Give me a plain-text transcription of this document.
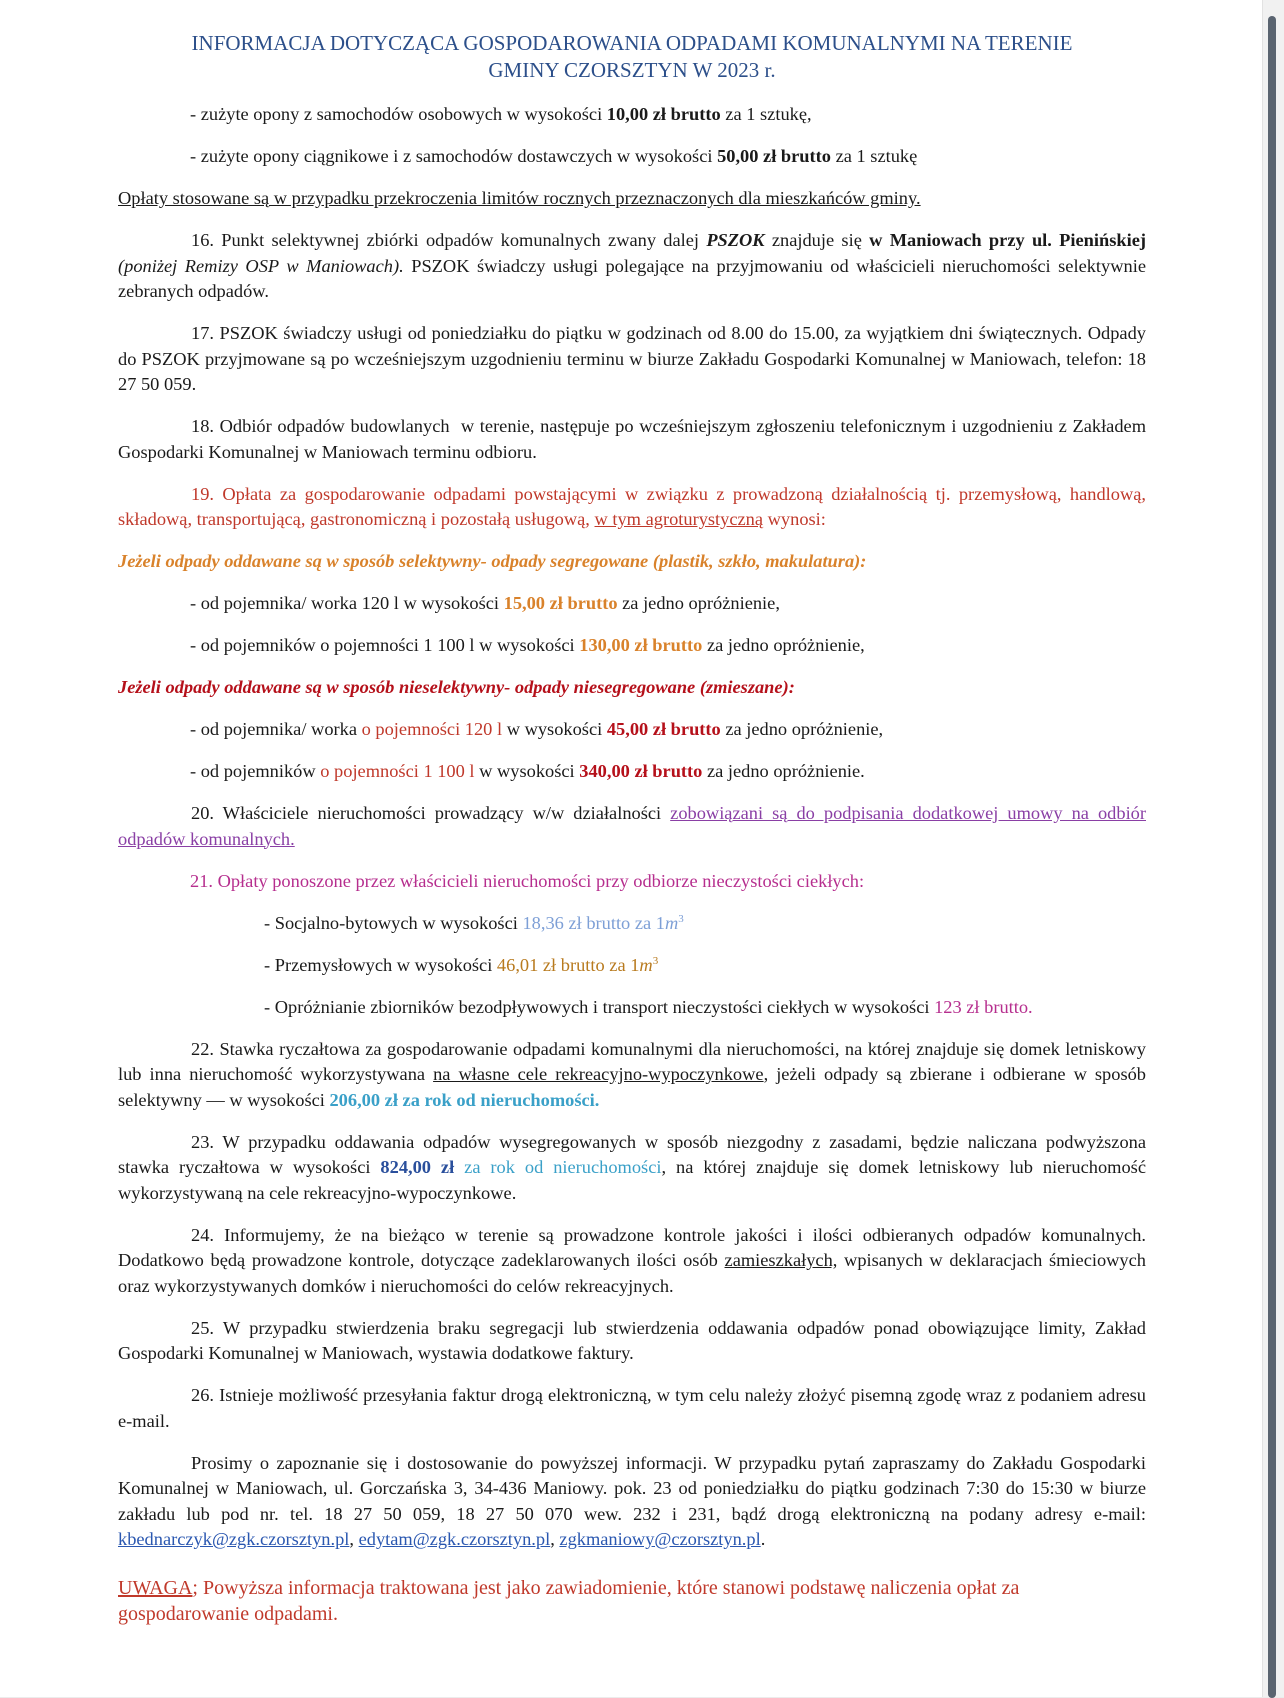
INFORMACJA DOTYCZĄCA GOSPODAROWANIA ODPADAMI KOMUNALNYMI NA TERENIE
GMINY CZORSZTYN W 2023 r.
- zużyte opony z samochodów osobowych w wysokości 10,00 zł brutto za 1 sztukę,
- zużyte opony ciągnikowe i z samochodów dostawczych w wysokości 50,00 zł brutto za 1 sztukę
Opłaty stosowane są w przypadku przekroczenia limitów rocznych przeznaczonych dla mieszkańców gminy.
16. Punkt selektywnej zbiórki odpadów komunalnych zwany dalej PSZOK znajduje się w Maniowach przy ul. Pienińskiej (poniżej Remizy OSP w Maniowach). PSZOK świadczy usługi polegające na przyjmowaniu od właścicieli nieruchomości selektywnie zebranych odpadów.
17. PSZOK świadczy usługi od poniedziałku do piątku w godzinach od 8.00 do 15.00, za wyjątkiem dni świątecznych. Odpady do PSZOK przyjmowane są po wcześniejszym uzgodnieniu terminu w biurze Zakładu Gospodarki Komunalnej w Maniowach, telefon: 18 27 50 059.
18. Odbiór odpadów budowlanych  w terenie, następuje po wcześniejszym zgłoszeniu telefonicznym i uzgodnieniu z Zakładem Gospodarki Komunalnej w Maniowach terminu odbioru.
19. Opłata za gospodarowanie odpadami powstającymi w związku z prowadzoną działalnością tj. przemysłową, handlową, składową, transportującą, gastronomiczną i pozostałą usługową, w tym agroturystyczną wynosi:
Jeżeli odpady oddawane są w sposób selektywny- odpady segregowane (plastik, szkło, makulatura):
- od pojemnika/ worka 120 l w wysokości 15,00 zł brutto za jedno opróżnienie,
- od pojemników o pojemności 1 100 l w wysokości 130,00 zł brutto za jedno opróżnienie,
Jeżeli odpady oddawane są w sposób nieselektywny- odpady niesegregowane (zmieszane):
- od pojemnika/ worka o pojemności 120 l w wysokości 45,00 zł brutto za jedno opróżnienie,
- od pojemników o pojemności 1 100 l w wysokości 340,00 zł brutto za jedno opróżnienie.
20. Właściciele nieruchomości prowadzący w/w działalności zobowiązani są do podpisania dodatkowej umowy na odbiór odpadów komunalnych.
21. Opłaty ponoszone przez właścicieli nieruchomości przy odbiorze nieczystości ciekłych:
- Socjalno-bytowych w wysokości 18,36 zł brutto za $1m^3$
- Przemysłowych w wysokości 46,01 zł brutto za $1m^3$
- Opróżnianie zbiorników bezodpływowych i transport nieczystości ciekłych w wysokości 123 zł brutto.
22. Stawka ryczałtowa za gospodarowanie odpadami komunalnymi dla nieruchomości, na której znajduje się domek letniskowy lub inna nieruchomość wykorzystywana na własne cele rekreacyjno-wypoczynkowe, jeżeli odpady są zbierane i odbierane w sposób selektywny — w wysokości 206,00 zł za rok od nieruchomości.
23. W przypadku oddawania odpadów wysegregowanych w sposób niezgodny z zasadami, będzie naliczana podwyższona stawka ryczałtowa w wysokości 824,00 zł za rok od nieruchomości, na której znajduje się domek letniskowy lub nieruchomość wykorzystywaną na cele rekreacyjno-wypoczynkowe.
24. Informujemy, że na bieżąco w terenie są prowadzone kontrole jakości i ilości odbieranych odpadów komunalnych. Dodatkowo będą prowadzone kontrole, dotyczące zadeklarowanych ilości osób zamieszkałych, wpisanych w deklaracjach śmieciowych oraz wykorzystywanych domków i nieruchomości do celów rekreacyjnych.
25. W przypadku stwierdzenia braku segregacji lub stwierdzenia oddawania odpadów ponad obowiązujące limity, Zakład Gospodarki Komunalnej w Maniowach, wystawia dodatkowe faktury.
26. Istnieje możliwość przesyłania faktur drogą elektroniczną, w tym celu należy złożyć pisemną zgodę wraz z podaniem adresu e-mail.
Prosimy o zapoznanie się i dostosowanie do powyższej informacji. W przypadku pytań zapraszamy do Zakładu Gospodarki Komunalnej w Maniowach, ul. Gorczańska 3, 34-436 Maniowy. pok. 23 od poniedziałku do piątku godzinach 7:30 do 15:30 w biurze zakładu lub pod nr. tel. 18 27 50 059, 18 27 50 070 wew. 232 i 231, bądź drogą elektroniczną na podany adresy e-mail: kbednarczyk@zgk.czorsztyn.pl, edytam@zgk.czorsztyn.pl, zgkmaniowy@czorsztyn.pl.
UWAGA; Powyższa informacja traktowana jest jako zawiadomienie, które stanowi podstawę naliczenia opłat za gospodarowanie odpadami.
